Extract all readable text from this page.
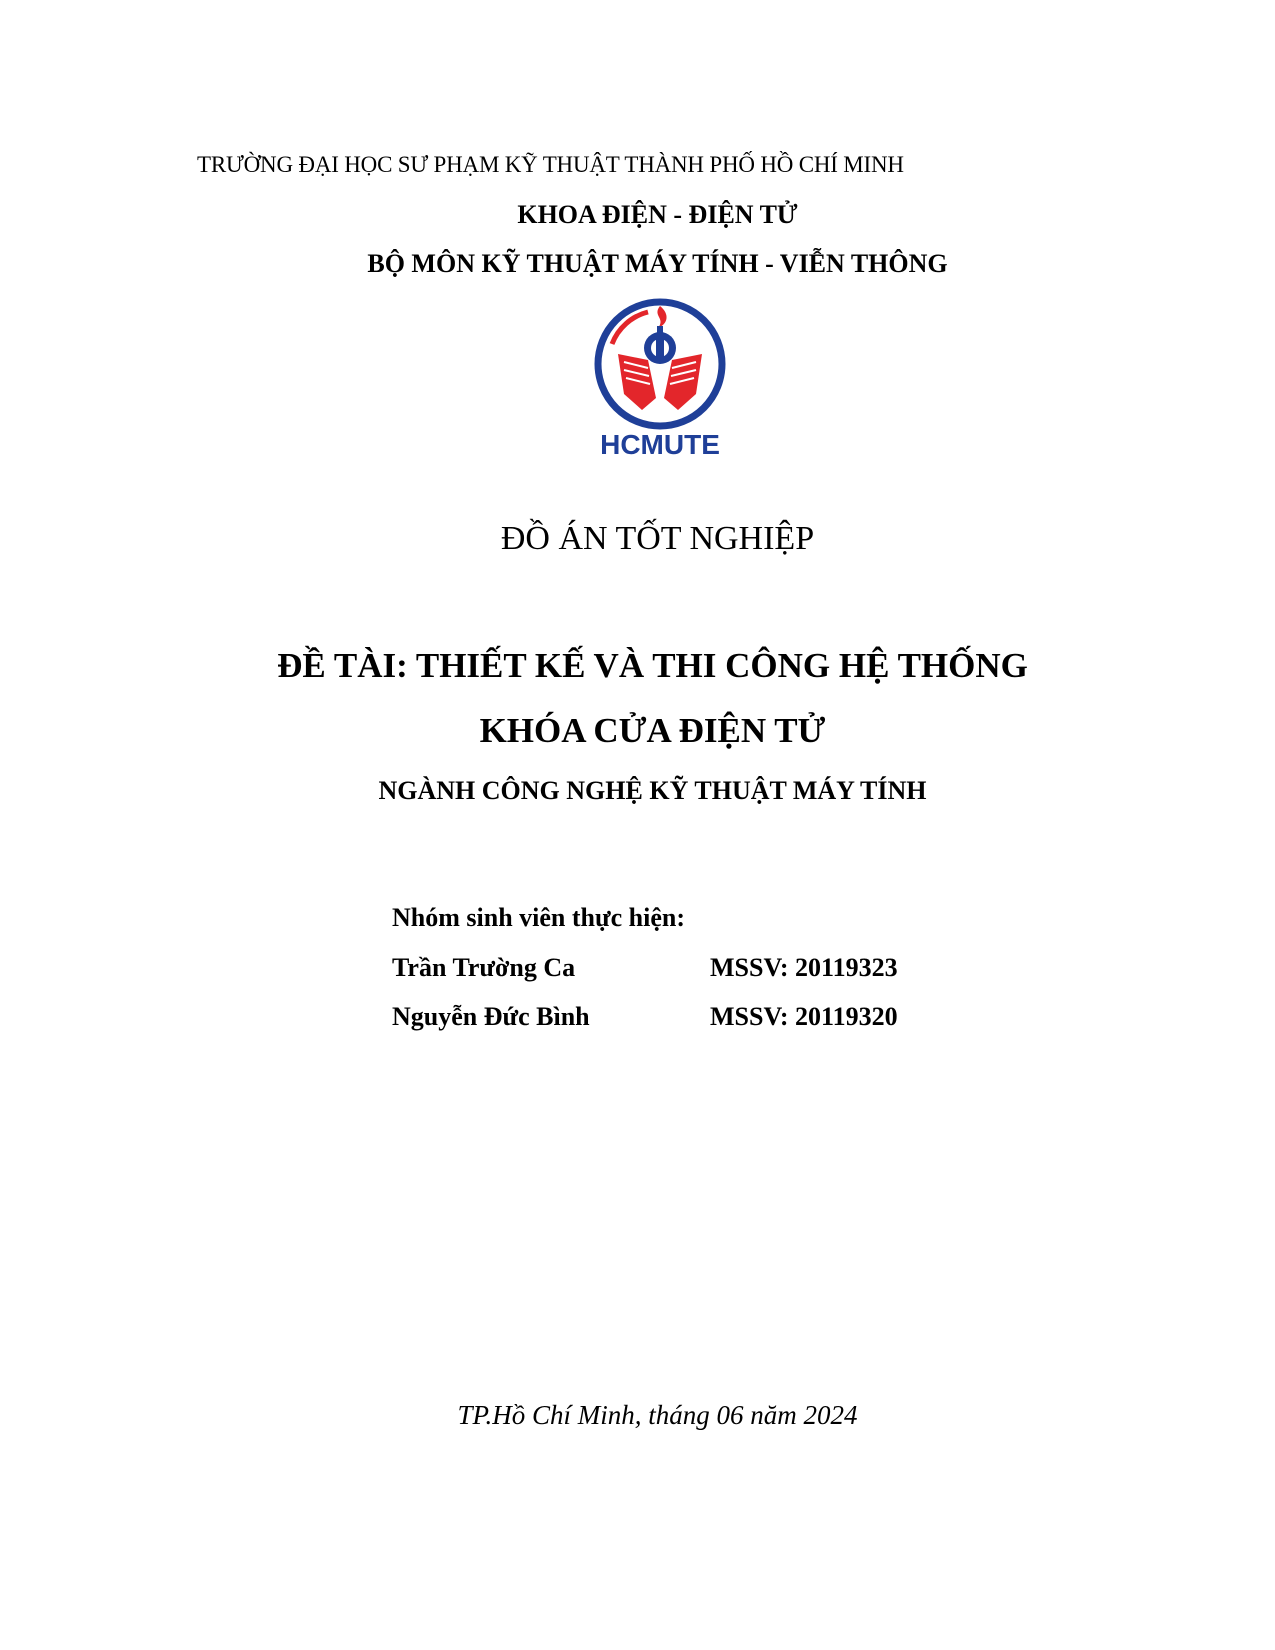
TRƯỜNG ĐẠI HỌC SƯ PHẠM KỸ THUẬT THÀNH PHỐ HỒ CHÍ MINH
KHOA ĐIỆN - ĐIỆN TỬ
BỘ MÔN KỸ THUẬT MÁY TÍNH - VIỄN THÔNG
HCMUTE
ĐỒ ÁN TỐT NGHIỆP
ĐỀ TÀI: THIẾT KẾ VÀ THI CÔNG HỆ THỐNG
KHÓA CỬA ĐIỆN TỬ
NGÀNH CÔNG NGHỆ KỸ THUẬT MÁY TÍNH
Nhóm sinh viên thực hiện:
Trần Trường Ca	MSSV: 20119323
Nguyễn Đức Bình	MSSV: 20119320
TP.Hồ Chí Minh, tháng 06 năm 2024
